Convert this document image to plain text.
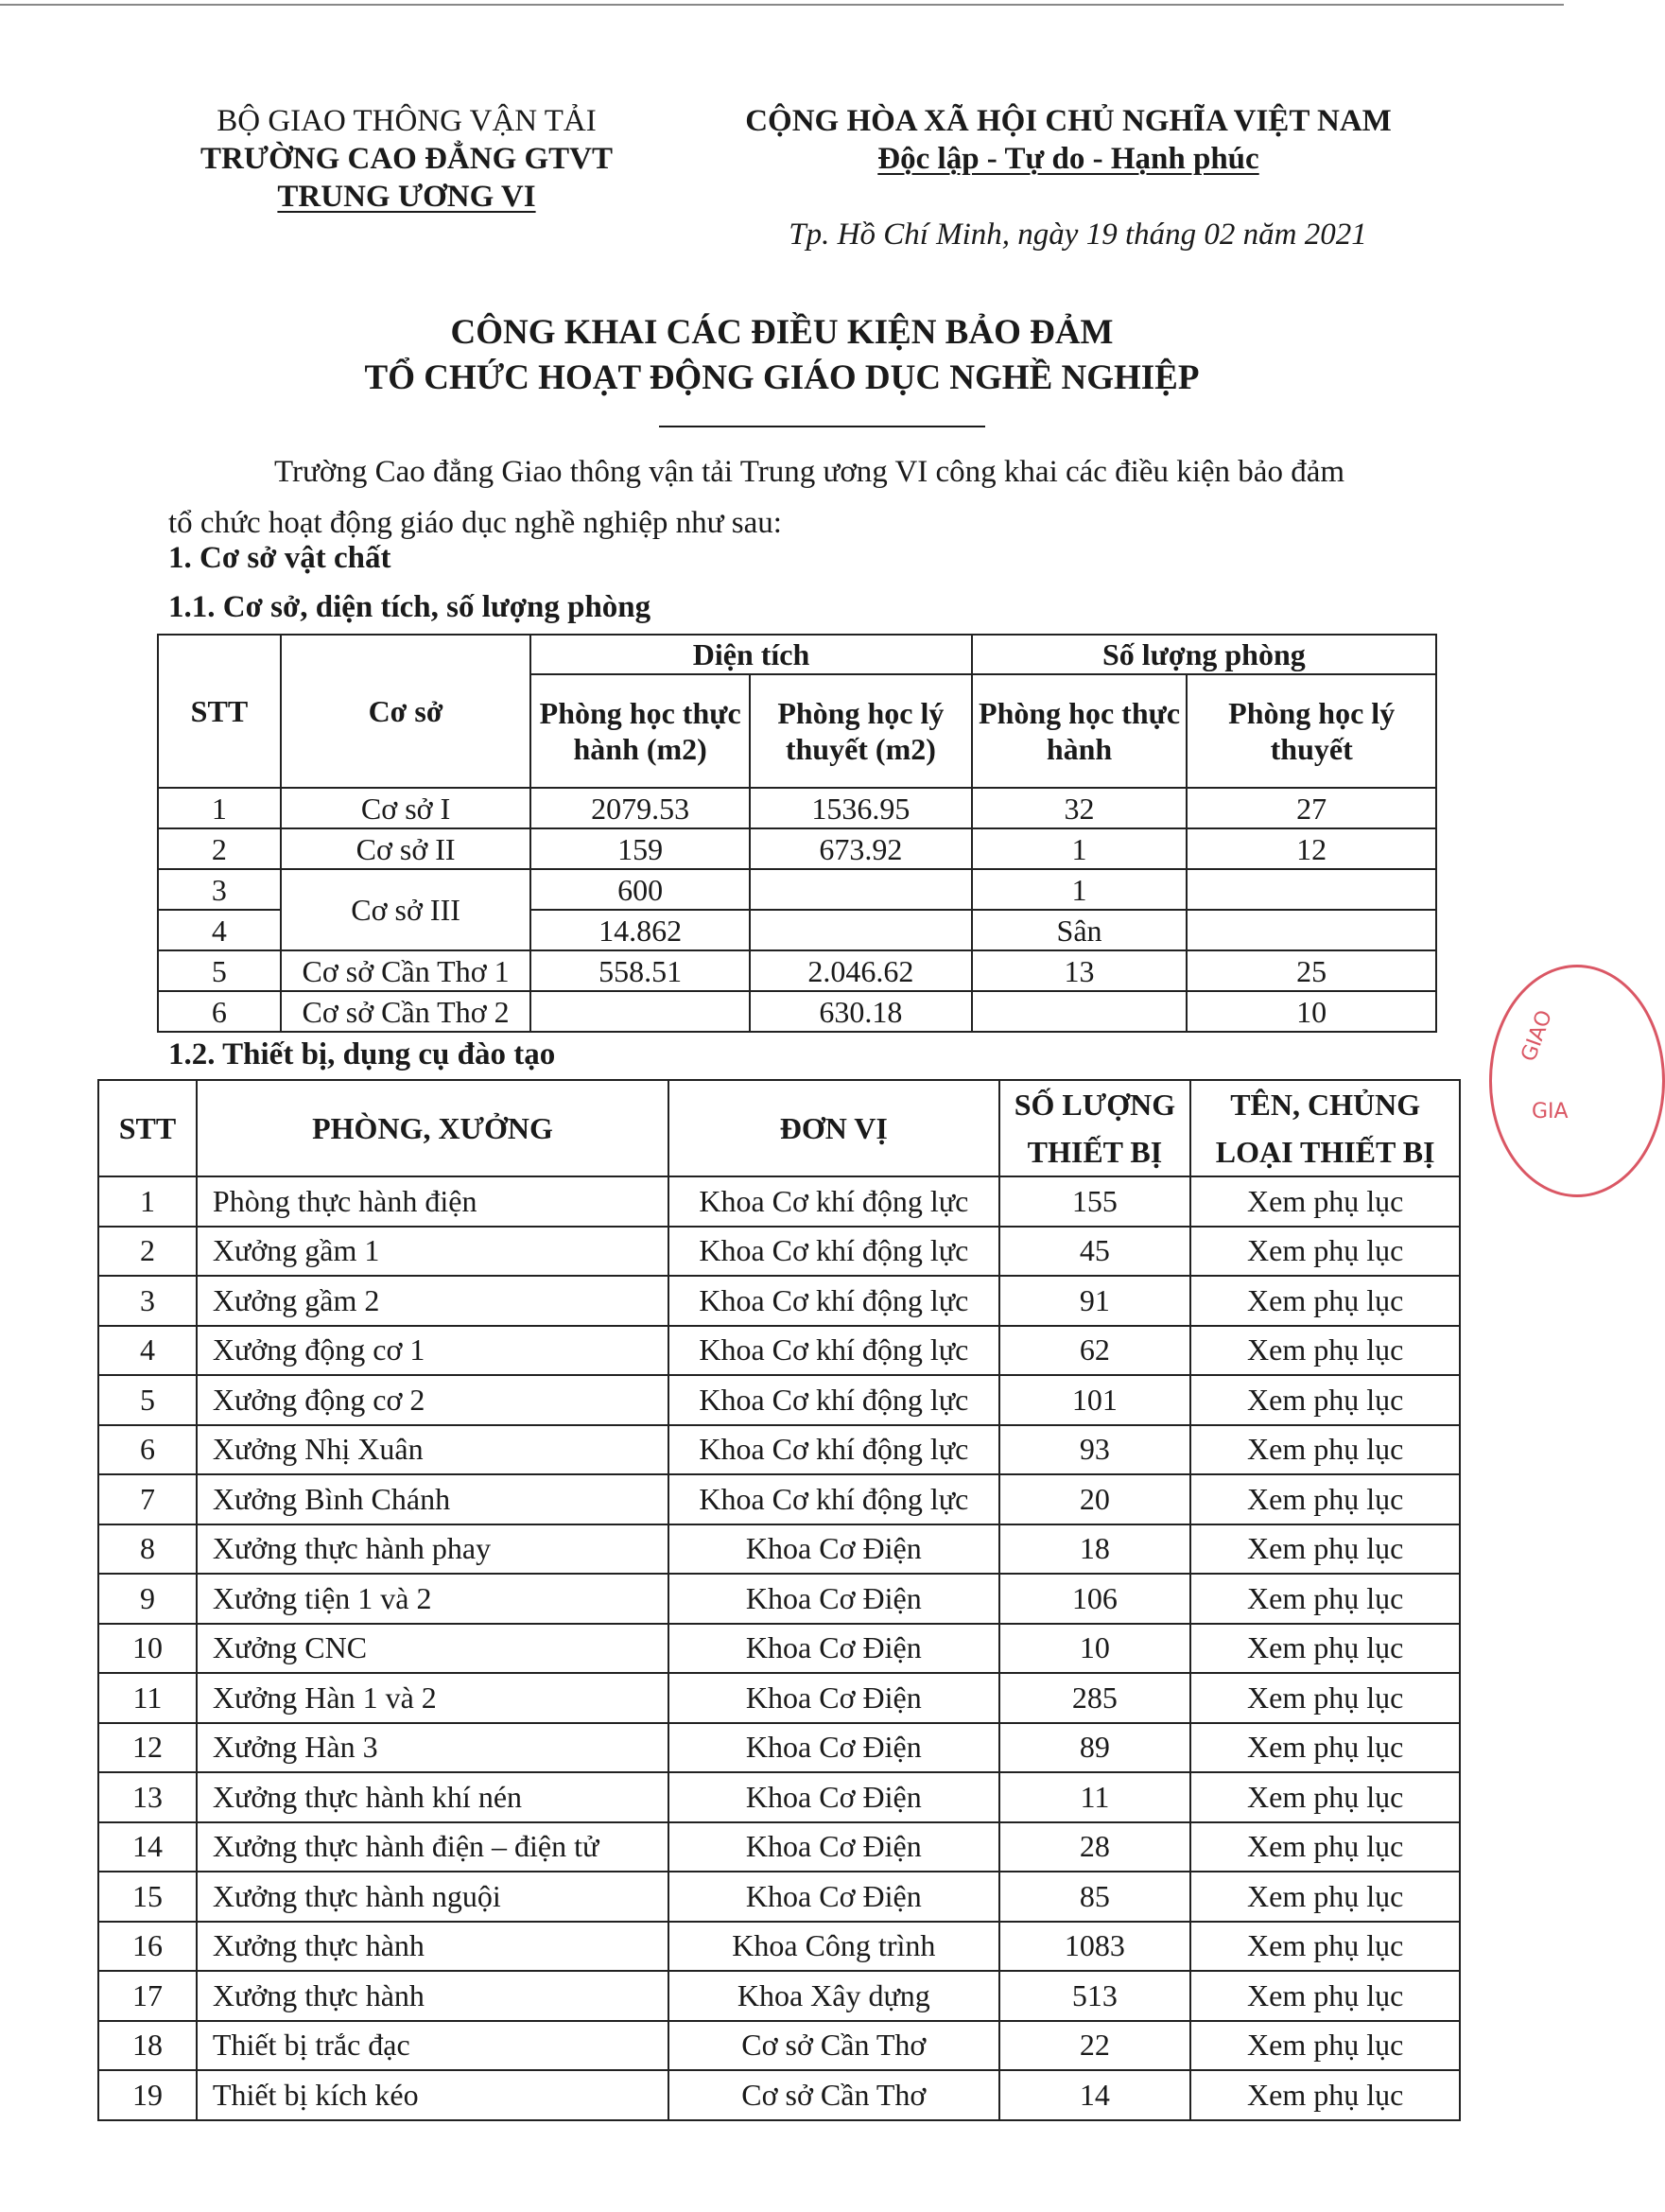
BỘ GIAO THÔNG VẬN TẢI
TRƯỜNG CAO ĐẲNG GTVT
TRUNG ƯƠNG VI
CỘNG HÒA XÃ HỘI CHỦ NGHĨA VIỆT NAM
Độc lập - Tự do - Hạnh phúc
Tp. Hồ Chí Minh, ngày 19 tháng 02 năm 2021
CÔNG KHAI CÁC ĐIỀU KIỆN BẢO ĐẢM
TỔ CHỨC HOẠT ĐỘNG GIÁO DỤC NGHỀ NGHIỆP
Trường Cao đẳng Giao thông vận tải Trung ương VI công khai các điều kiện bảo đảm
tổ chức hoạt động giáo dục nghề nghiệp như sau:
1. Cơ sở vật chất
1.1. Cơ sở, diện tích, số lượng phòng
STT	Cơ sở	Diện tích		Số lượng phòng	
		Phòng học thực hành (m2)	Phòng học lý thuyết (m2)	Phòng học thực hành	Phòng học lý thuyết
1	Cơ sở I	2079.53	1536.95	32	27
2	Cơ sở II	159	673.92	1	12
3	Cơ sở III	600		1	
4		14.862		Sân	
5	Cơ sở Cần Thơ 1	558.51	2.046.62	13	25
6	Cơ sở Cần Thơ 2		630.18		10
1.2. Thiết bị, dụng cụ đào tạo
STT	PHÒNG, XƯỞNG	ĐƠN VỊ	SỐ LƯỢNG THIẾT BỊ	TÊN, CHỦNG LOẠI THIẾT BỊ
1	Phòng thực hành điện	Khoa Cơ khí động lực	155	Xem phụ lục
2	Xưởng gầm 1	Khoa Cơ khí động lực	45	Xem phụ lục
3	Xưởng gầm 2	Khoa Cơ khí động lực	91	Xem phụ lục
4	Xưởng động cơ 1	Khoa Cơ khí động lực	62	Xem phụ lục
5	Xưởng động cơ 2	Khoa Cơ khí động lực	101	Xem phụ lục
6	Xưởng Nhị Xuân	Khoa Cơ khí động lực	93	Xem phụ lục
7	Xưởng Bình Chánh	Khoa Cơ khí động lực	20	Xem phụ lục
8	Xưởng thực hành phay	Khoa Cơ Điện	18	Xem phụ lục
9	Xưởng tiện 1 và 2	Khoa Cơ Điện	106	Xem phụ lục
10	Xưởng CNC	Khoa Cơ Điện	10	Xem phụ lục
11	Xưởng Hàn 1 và 2	Khoa Cơ Điện	285	Xem phụ lục
12	Xưởng Hàn 3	Khoa Cơ Điện	89	Xem phụ lục
13	Xưởng thực hành khí nén	Khoa Cơ Điện	11	Xem phụ lục
14	Xưởng thực hành điện – điện tử	Khoa Cơ Điện	28	Xem phụ lục
15	Xưởng thực hành nguội	Khoa Cơ Điện	85	Xem phụ lục
16	Xưởng thực hành	Khoa Công trình	1083	Xem phụ lục
17	Xưởng thực hành	Khoa Xây dựng	513	Xem phụ lục
18	Thiết bị trắc đạc	Cơ sở Cần Thơ	22	Xem phụ lục
19	Thiết bị kích kéo	Cơ sở Cần Thơ	14	Xem phụ lục
GIAO
GIA
